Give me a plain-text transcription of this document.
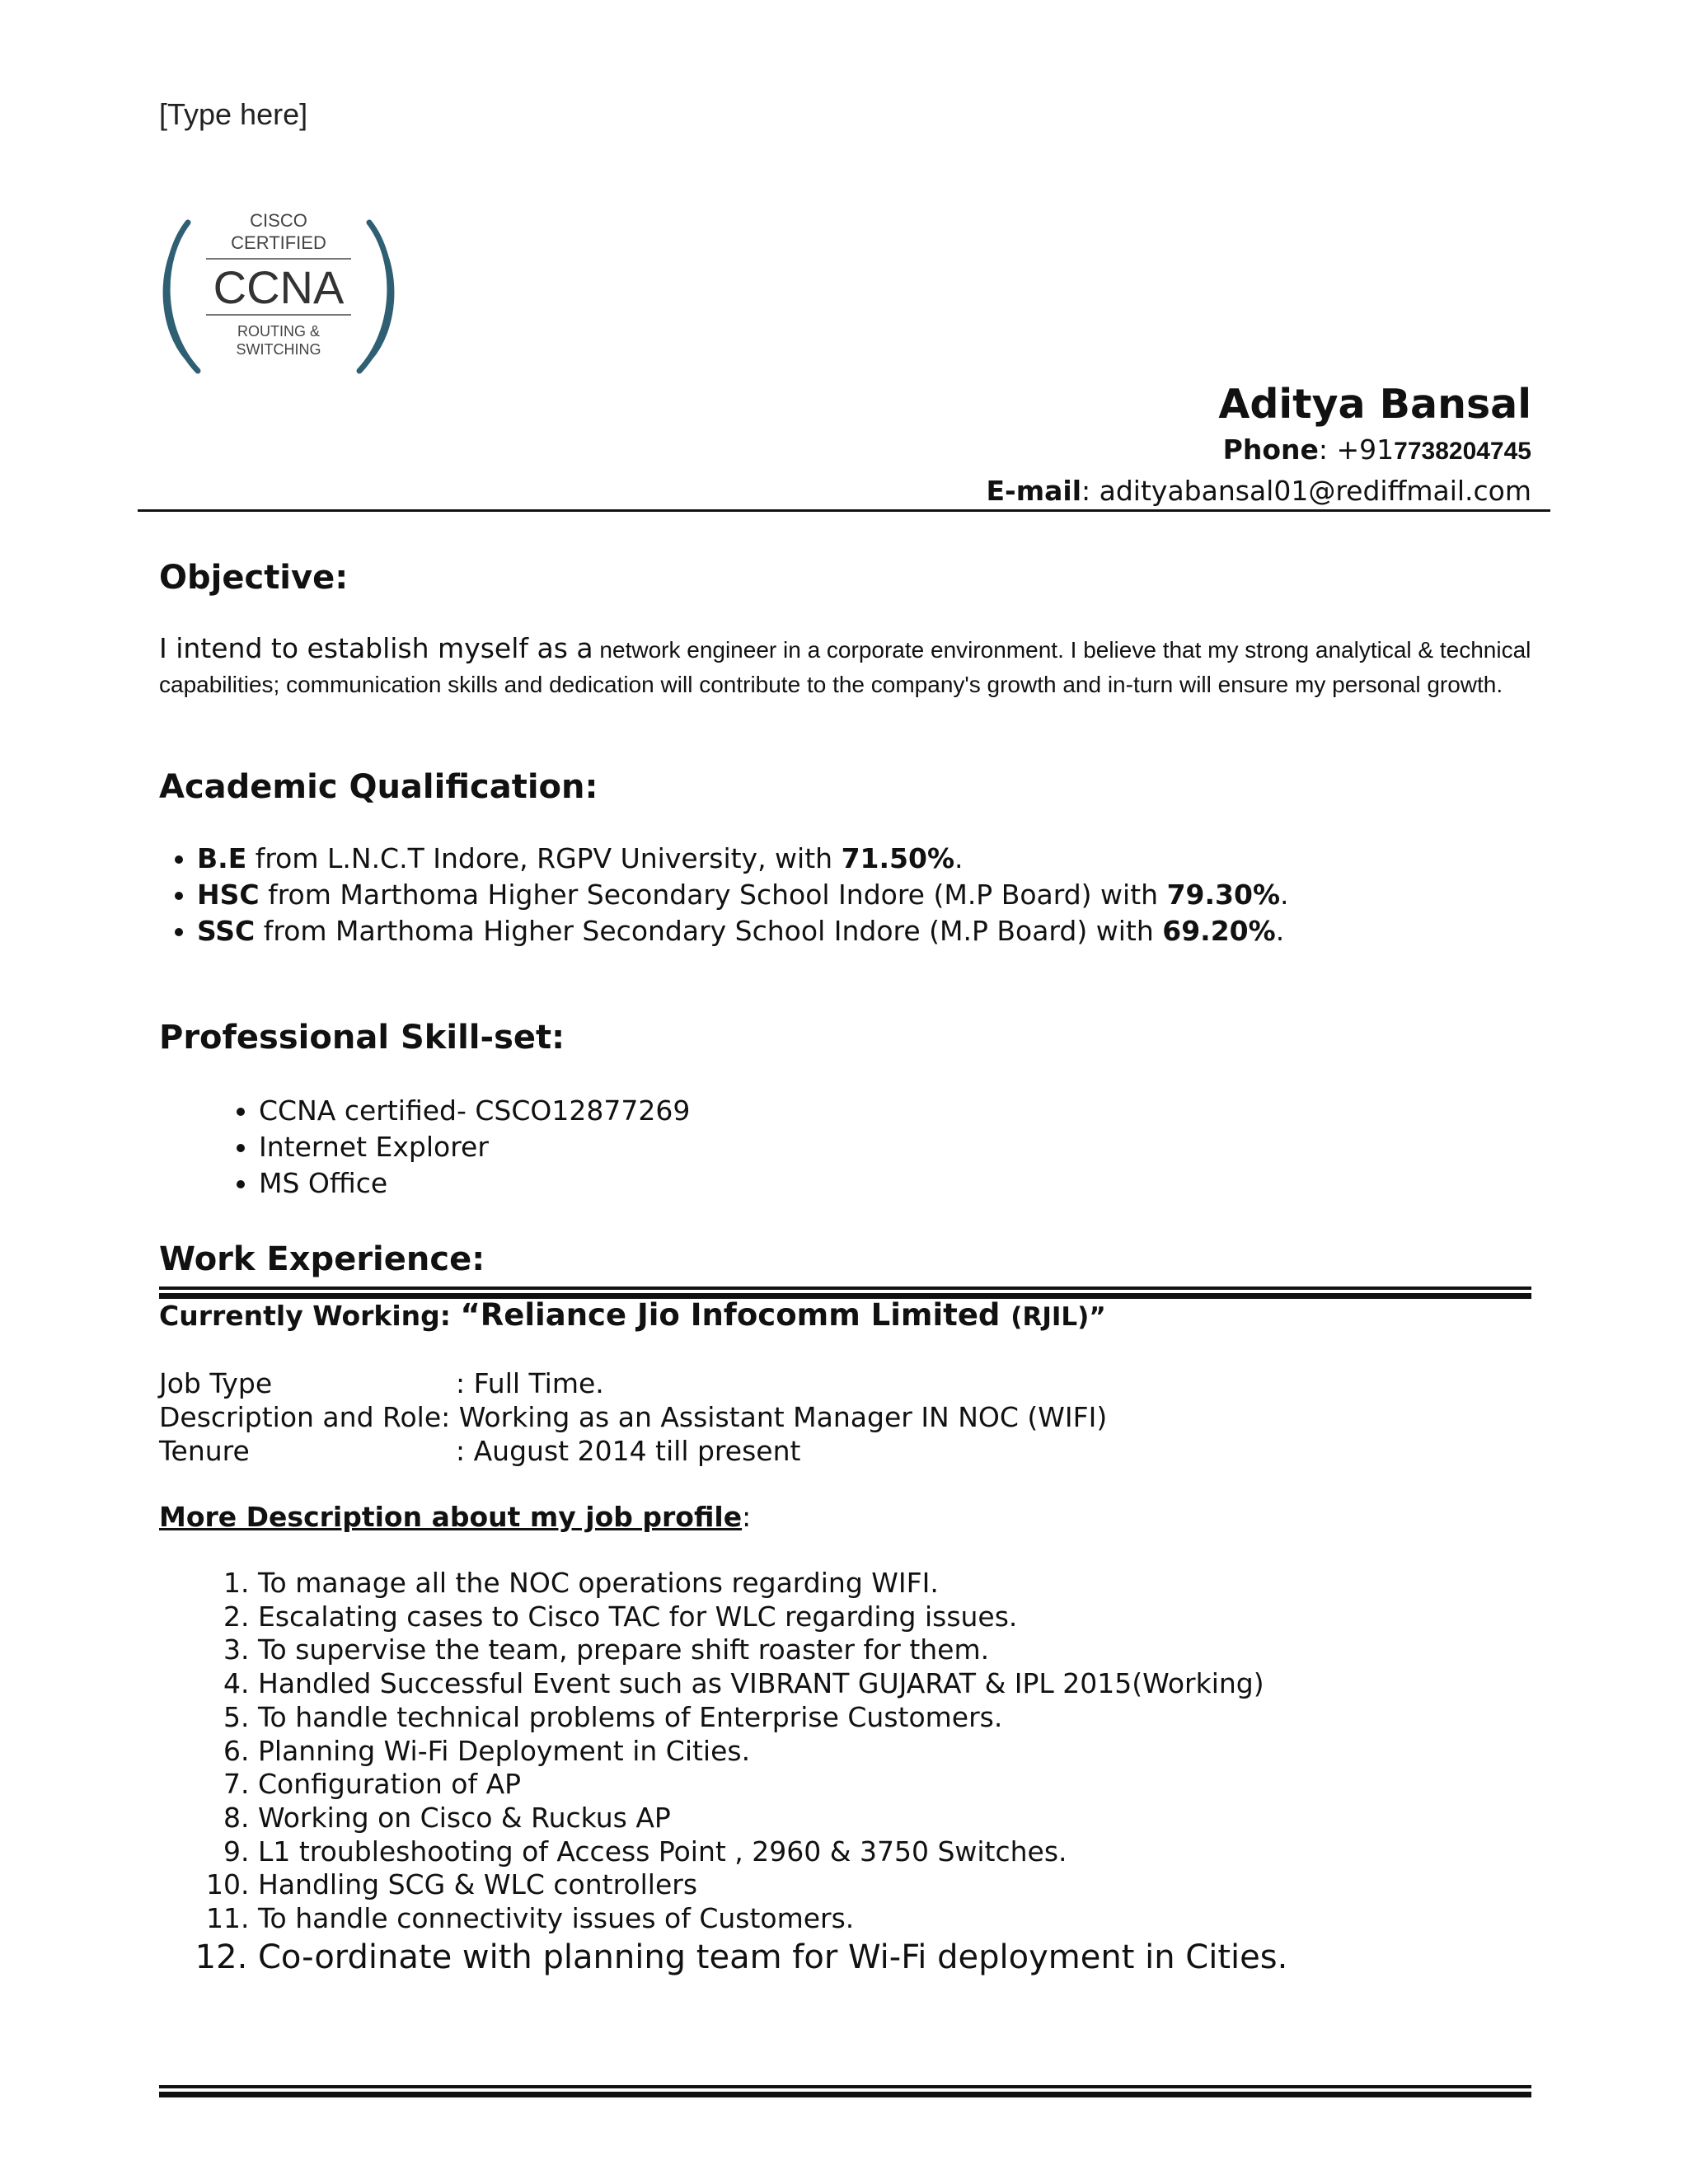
[Type here]
CISCO
CERTIFIED
CCNA
ROUTING &
SWITCHING
Aditya Bansal
Phone: +917738204745
E-mail: adityabansal01@rediffmail.com
Objective:
I intend to establish myself as a network engineer in a corporate environment. I believe that my strong analytical & technical capabilities; communication skills and dedication will contribute to the company's growth and in-turn will ensure my personal growth.
Academic Qualification:
• B.E from L.N.C.T Indore, RGPV University, with 71.50%.
• HSC from Marthoma Higher Secondary School Indore (M.P Board) with 79.30%.
• SSC from Marthoma Higher Secondary School Indore (M.P Board) with 69.20%.
Professional Skill-set:
• CCNA certified- CSCO12877269
• Internet Explorer
• MS Office
Work Experience:
Currently Working: “Reliance Jio Infocomm Limited (RJIL)”
Job Type	: Full Time.
Description and Role : Working as an Assistant Manager IN NOC (WIFI)
Tenure	: August 2014 till present
More Description about my job profile:
1. To manage all the NOC operations regarding WIFI.
2. Escalating cases to Cisco TAC for WLC regarding issues.
3. To supervise the team, prepare shift roaster for them.
4. Handled Successful Event such as VIBRANT GUJARAT & IPL 2015(Working)
5. To handle technical problems of Enterprise Customers.
6. Planning Wi-Fi Deployment in Cities.
7. Configuration of AP
8. Working on Cisco & Ruckus AP
9. L1 troubleshooting of Access Point , 2960 & 3750 Switches.
10. Handling SCG & WLC controllers
11. To handle connectivity issues of Customers.
12. Co-ordinate with planning team for Wi-Fi deployment in Cities.
